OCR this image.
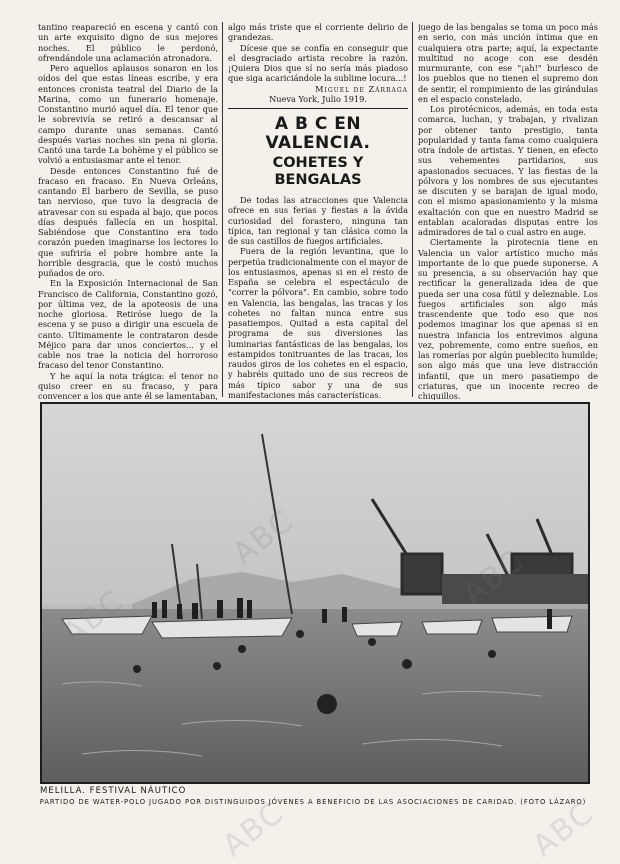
tantino reapareció en escena y cantó con un arte exquisito digno de sus mejores noches. El público le perdonó, ofrendándole una aclamación atronadora.

Pero aquellos aplausos sonaron en los oídos del que estas líneas escribe, y era entonces cronista teatral del Diario de la Marina, como un funerario homenaje. Constantino murió aquel día. El tenor que le sobrevivía se retiró a descansar al campo durante unas semanas. Cantó después varias noches sin pena ni gloria. Cantó una tarde La bohème y el público se volvió a entusiasmar ante el tenor.

Desde entonces Constantino fué de fracaso en fracaso. En Nueva Orleáns, cantando El barbero de Sevilla, se puso tan nervioso, que tuvo la desgracia de atravesar con su espada al bajo, que pocos días después fallecía en un hospital. Sabiéndose que Constantino era todo corazón pueden imaginarse los lectores lo que sufriría el pobre hombre ante la horrible desgracia, que le costó muchos puñados de oro.

En la Exposición Internacional de San Francisco de California, Constantino gozó, por última vez, de la apoteosis de una noche gloriosa. Retiróse luego de la escena y se puso a dirigir una escuela de canto. Ultimamente le contrataron desde Méjico para dar unos conciertos... y el cable nos trae la noticia del horroroso fracaso del tenor Constantino.

Y he aquí la nota trágica: el tenor no quiso creer en su fracaso, y para convencer a los que ante él se lamentaban,

algo más triste que el corriente delirio de grandezas.

Dícese que se confía en conseguir que el desgraciado artista recobre la razón. ¡Quiera Dios que sí no sería más piadoso que siga acariciándole la sublime locura...!

Miguel de Zárraga

Nueva York, Julio 1919.

A B C EN VALENCIA.
COHETES Y BENGALAS

De todas las atracciones que Valencia ofrece en sus ferias y fiestas a la ávida curiosidad del forastero, ninguna tan típica, tan regional y tan clásica como la de sus castillos de fuegos artificiales.

Fuera de la región levantina, que lo perpetúa tradicionalmente con el mayor de los entusiasmos, apenas si en el resto de España se celebra el espectáculo de "correr la pólvora". En cambio, sobre todo en Valencia, las bengalas, las tracas y los cohetes no faltan nunca entre sus pasatiempos. Quitad a esta capital del programa de sus diversiones las luminarias fantásticas de las bengalas, los estampidos tonitruantes de las tracas, los raudos giros de los cohetes en el espacio, y habréis quitado uno de sus recreos de más típico sabor y una de sus manifestaciones más características.

juego de las bengalas se toma un poco más en serio, con más unción íntima que en cualquiera otra parte; aquí, la expectante multitud no acoge con ese desdén murmurante, con ese "¡ah!" burlesco de los pueblos que no tienen el supremo don de sentir, el rompimiento de las girándulas en el espacio constelado.

Los pirotécnicos, además, en toda esta comarca, luchan, y trabajan, y rivalizan por obtener tanto prestigio, tanta popularidad y tanta fama como cualquiera otra índole de artistas. Y tienen, en efecto sus vehementes partidarios, sus apasionados secuaces. Y las fiestas de la pólvora y los nombres de sus ejecutantes se discuten y se barajan de igual modo, con el mismo apasionamiento y la misma exaltación con que en nuestro Madrid se entablan acaloradas disputas entre los admiradores de tal o cual astro en auge.

Ciertamente la pirotecnia tiene en Valencia un valor artístico mucho más importante de lo que puede suponerse. A su presencia, a su observación hay que rectificar la generalizada idea de que pueda ser una cosa fútil y deleznable. Los fuegos artificiales son algo más trascendente que todo eso que nos podemos imaginar los que apenas si en nuestra infancia los entrevimos alguna vez, pobremente, como entre sueños, en las romerías por algún pueblecito humilde; son algo más que una leve distracción infantil, que un mero pasatiempo de criaturas, que un inocente recreo de chiquillos.

MELILLA. FESTIVAL NÁUTICO
PARTIDO DE WATER-POLO JUGADO POR DISTINGUIDOS JÓVENES A BENEFICIO DE LAS ASOCIACIONES DE CARIDAD. (FOTO LÁZARO)
ABC	ABC
